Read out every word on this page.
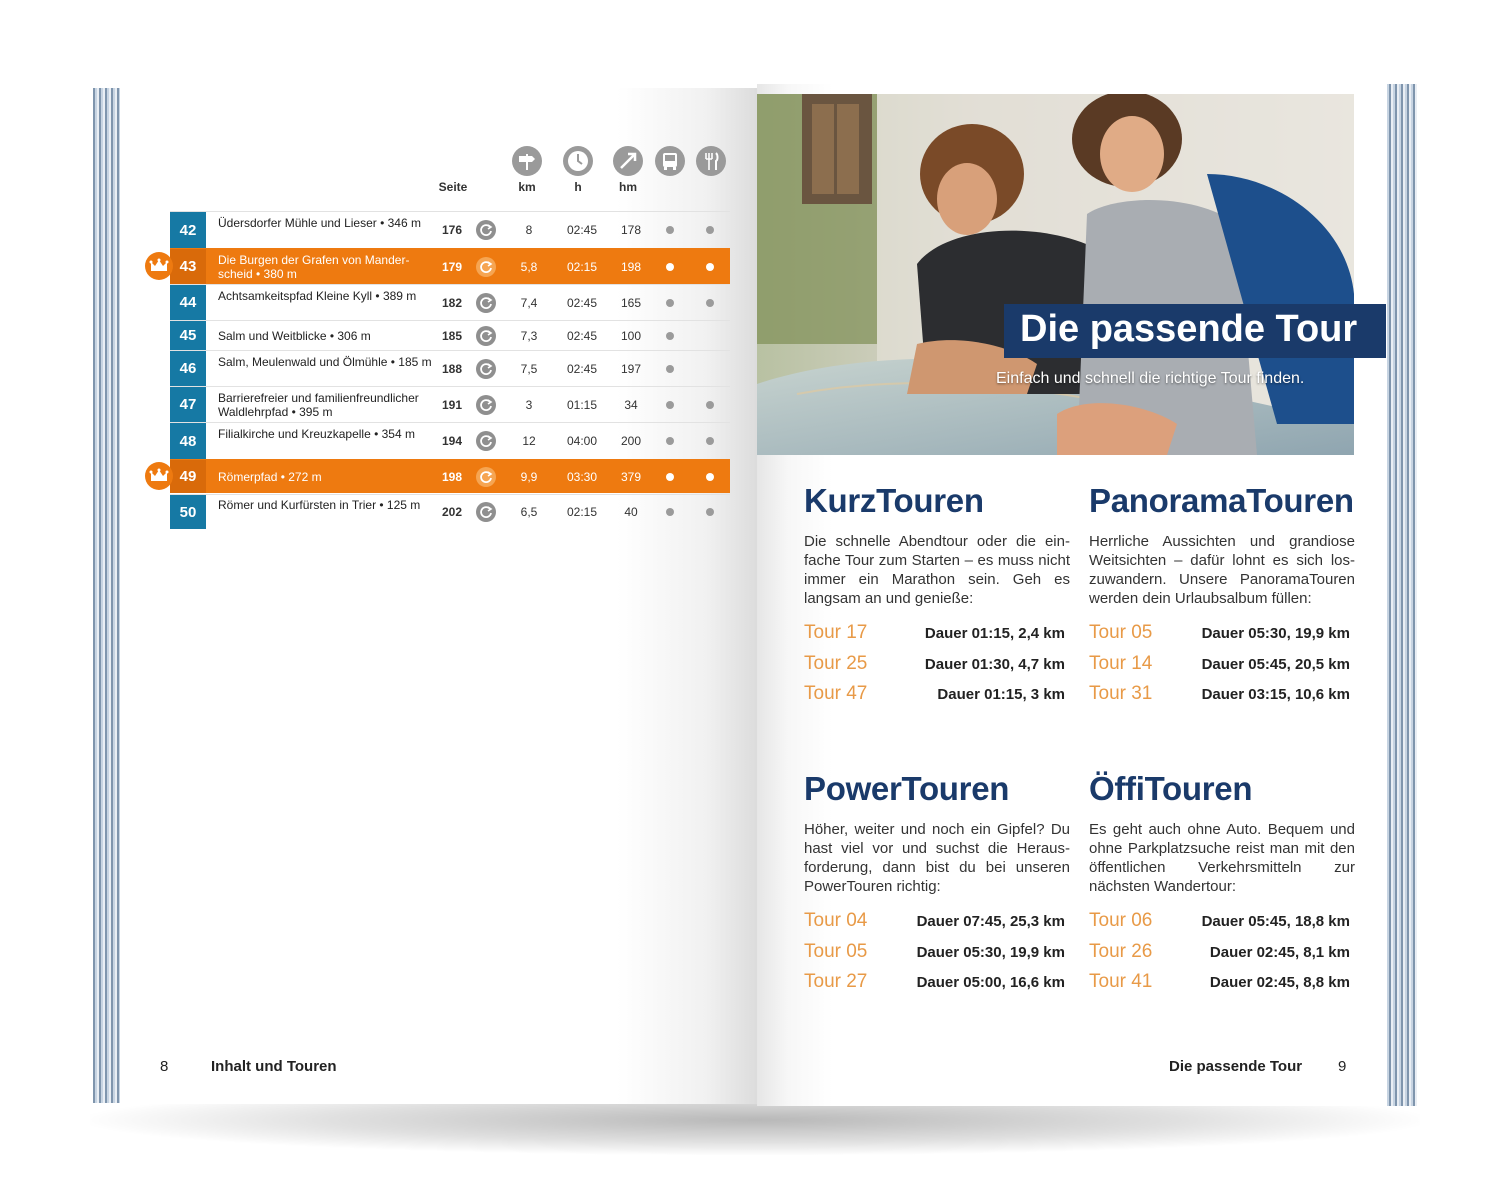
Seite	km	h	hm
42	Üdersdorfer Mühle und Lieser • 346 m	176	8	02:45	178
43	Die Burgen der Grafen von Manderscheid • 380 m	179	5,8	02:15	198
44	Achtsamkeitspfad Kleine Kyll • 389 m	182	7,4	02:45	165
45	Salm und Weitblicke • 306 m	185	7,3	02:45	100
46	Salm, Meulenwald und Ölmühle • 185 m 188	7,5	02:45	197
47	Barrierefreier und familienfreundlicher Waldlehrpfad • 395 m	191	3	01:15	34
48	Filialkirche und Kreuzkapelle • 354 m	194	12	04:00	200
49	Römerpfad • 272 m	198	9,9	03:30	379
50	Römer und Kurfürsten in Trier • 125 m	202	6,5	02:15	40
8	Inhalt und Touren
Die passende Tour
Einfach und schnell die richtige Tour finden.
KurzTouren
Die schnelle Abendtour oder die einfache Tour zum Starten – es muss nicht immer ein Marathon sein. Geh es langsam an und genieße:
Tour 17	Dauer 01:15, 2,4 km
Tour 25	Dauer 01:30, 4,7 km
Tour 47	Dauer 01:15, 3 km
PanoramaTouren
Herrliche Aussichten und grandiose Weitsichten – dafür lohnt es sich loszuwandern. Unsere PanoramaTouren werden dein Urlaubsalbum füllen:
Tour 05	Dauer 05:30, 19,9 km
Tour 14	Dauer 05:45, 20,5 km
Tour 31	Dauer 03:15, 10,6 km
PowerTouren
Höher, weiter und noch ein Gipfel? Du hast viel vor und suchst die Herausforderung, dann bist du bei unseren PowerTouren richtig:
Tour 04	Dauer 07:45, 25,3 km
Tour 05	Dauer 05:30, 19,9 km
Tour 27	Dauer 05:00, 16,6 km
ÖffiTouren
Es geht auch ohne Auto. Bequem und ohne Parkplatzsuche reist man mit den öffentlichen Verkehrsmitteln zur nächsten Wandertour:
Tour 06	Dauer 05:45, 18,8 km
Tour 26	Dauer 02:45, 8,1 km
Tour 41	Dauer 02:45, 8,8 km
Die passende Tour 9
